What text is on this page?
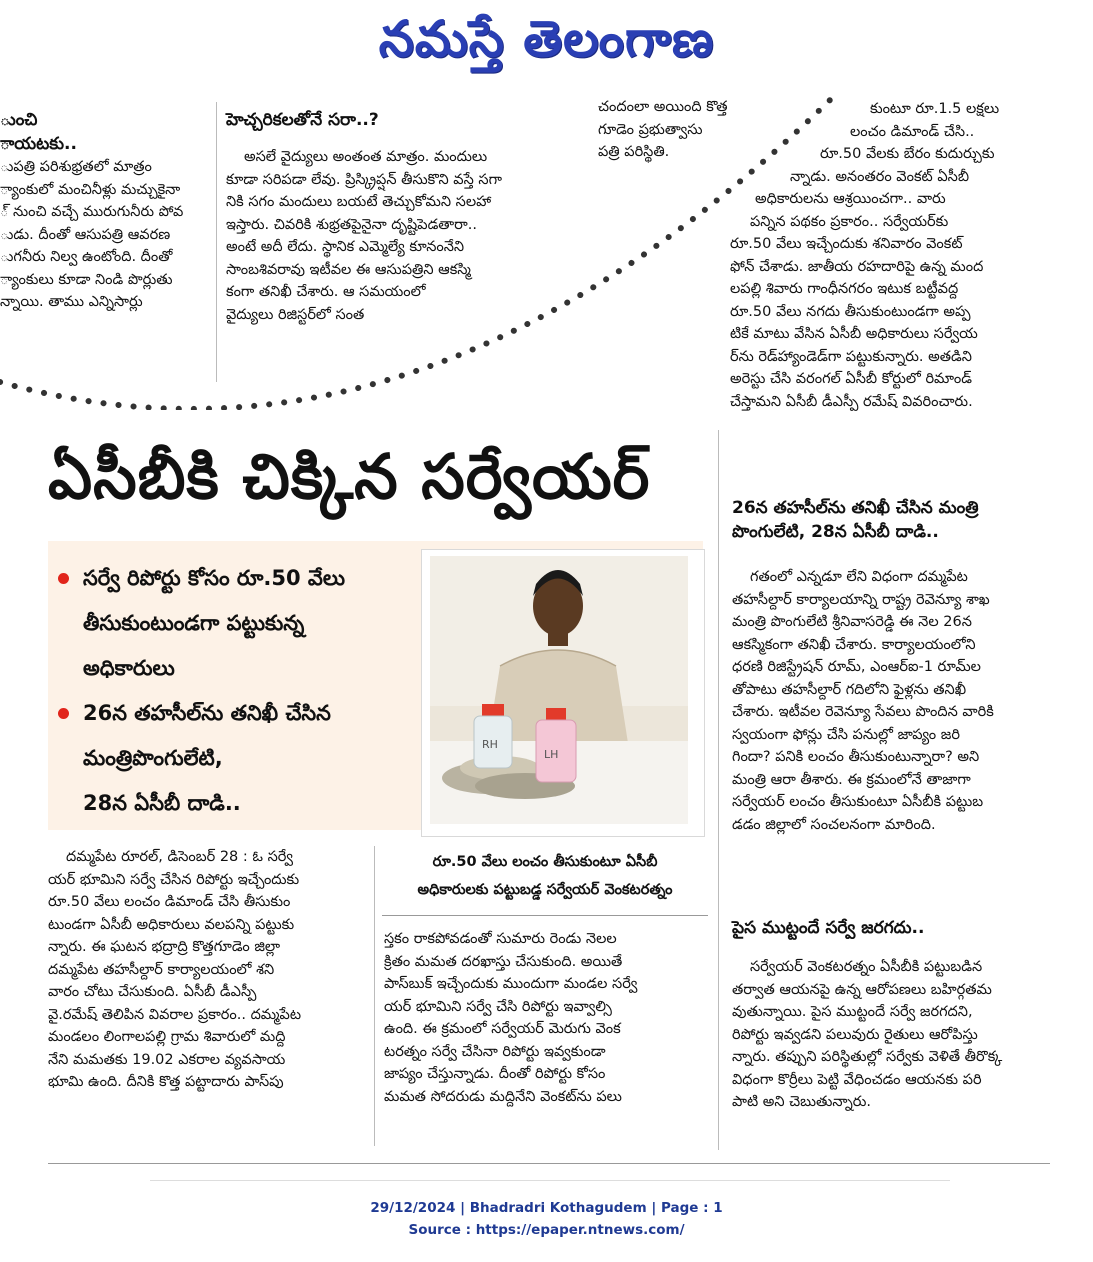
నమస్తే తెలంగాణ
ుంచి
ాయటకు..
ుపత్రి పరిశుభ్రతలో మాత్రం
్యాంకులో మంచినీళ్లు మచ్చుకైనా
్ నుంచి వచ్చే మురుగునీరు పోవ
ుడు. దీంతో ఆసుపత్రి ఆవరణ
ుగనీరు నిల్వ ఉంటోంది. దీంతో
్యాంకులు కూడా నిండి పొర్లుతు
న్నాయి. తాము ఎన్నిసార్లు
హెచ్చరికలతోనే సరా..?
అసలే వైద్యులు అంతంత మాత్రం. మందులు
కూడా సరిపడా లేవు. ప్రిస్క్రిప్షన్ తీసుకొని వస్తే సగా
నికి సగం మందులు బయటే తెచ్చుకోమని సలహా
ఇస్తారు. చివరికి శుభ్రతపైనైనా దృష్టిపెడతారా..
అంటే అదీ లేదు. స్థానిక ఎమ్మెల్యే కూనంనేని
సాంబశివరావు ఇటీవల ఈ ఆసుపత్రిని ఆకస్మి
కంగా తనిఖీ చేశారు. ఆ సమయంలో
వైద్యులు రిజిస్టర్‌లో సంత
చందంలా అయింది కొత్త
గూడెం ప్రభుత్వాసు
పత్రి పరిస్థితి.
కుంటూ రూ.1.5 లక్షలు
లంచం డిమాండ్ చేసి..
రూ.50 వేలకు బేరం కుదుర్చుకు
న్నాడు. అనంతరం వెంకట్ ఏసీబీ
అధికారులను ఆశ్రయించగా.. వారు
పన్నిన పథకం ప్రకారం.. సర్వేయర్‌కు
రూ.50 వేలు ఇచ్చేందుకు శనివారం వెంకట్
ఫోన్ చేశాడు. జాతీయ రహదారిపై ఉన్న మంద
లపల్లి శివారు గాంధీనగరం ఇటుక బట్టీవద్ద
రూ.50 వేలు నగదు తీసుకుంటుండగా అప్ప
టికే మాటు వేసిన ఏసీబీ అధికారులు సర్వేయ
ర్‌ను రెడ్‌హ్యాండెడ్‌గా పట్టుకున్నారు. అతడిని
అరెస్టు చేసి వరంగల్ ఏసీబీ కోర్టులో రిమాండ్
చేస్తామని ఏసీబీ డీఎస్పీ రమేష్ వివరించారు.
26న తహసీల్‌ను తనిఖీ చేసిన మంత్రి
పొంగులేటి, 28న ఏసీబీ దాడి..
గతంలో ఎన్నడూ లేని విధంగా దమ్మపేట
తహసీల్దార్ కార్యాలయాన్ని రాష్ట్ర రెవెన్యూ శాఖ
మంత్రి పొంగులేటి శ్రీనివాసరెడ్డి ఈ నెల 26న
ఆకస్మికంగా తనిఖీ చేశారు. కార్యాలయంలోని
ధరణి రిజిస్ట్రేషన్ రూమ్, ఎంఆర్ఐ-1 రూమ్‌ల
తోపాటు తహసీల్దార్ గదిలోని ఫైళ్లను తనిఖీ
చేశారు. ఇటీవల రెవెన్యూ సేవలు పొందిన వారికి
స్వయంగా ఫోన్లు చేసి పనుల్లో జాప్యం జరి
గిందా? పనికి లంచం తీసుకుంటున్నారా? అని
మంత్రి ఆరా తీశారు. ఈ క్రమంలోనే తాజాగా
సర్వేయర్ లంచం తీసుకుంటూ ఏసీబీకి పట్టుబ
డడం జిల్లాలో సంచలనంగా మారింది.
పైస ముట్టందే సర్వే జరగదు..
సర్వేయర్ వెంకటరత్నం ఏసీబీకి పట్టుబడిన
తర్వాత ఆయనపై ఉన్న ఆరోపణలు బహిర్గతమ
వుతున్నాయి. పైస ముట్టందే సర్వే జరగదని,
రిపోర్టు ఇవ్వడని పలువురు రైతులు ఆరోపిస్తు
న్నారు. తప్పుని పరిస్థితుల్లో సర్వేకు వెళితే తీరొక్క
విధంగా కొర్రీలు పెట్టి వేధించడం ఆయనకు పరి
పాటి అని చెబుతున్నారు.
ఏసీబీకి చిక్కిన సర్వేయర్
సర్వే రిపోర్టు కోసం రూ.50 వేలు
తీసుకుంటుండగా పట్టుకున్న
అధికారులు
26న తహసీల్‌ను తనిఖీ చేసిన
మంత్రిపొంగులేటి,
28న ఏసీబీ దాడి..
RH
LH
రూ.50 వేలు లంచం తీసుకుంటూ ఏసీబీ
అధికారులకు పట్టుబడ్డ సర్వేయర్ వెంకటరత్నం
దమ్మపేట రూరల్, డిసెంబర్ 28 : ఓ సర్వే
యర్ భూమిని సర్వే చేసిన రిపోర్టు ఇచ్చేందుకు
రూ.50 వేలు లంచం డిమాండ్ చేసి తీసుకుం
టుండగా ఏసీబీ అధికారులు వలపన్ని పట్టుకు
న్నారు. ఈ ఘటన భద్రాద్రి కొత్తగూడెం జిల్లా
దమ్మపేట తహసీల్దార్ కార్యాలయంలో శని
వారం చోటు చేసుకుంది. ఏసీబీ డీఎస్పీ
వై.రమేష్ తెలిపిన వివరాల ప్రకారం.. దమ్మపేట
మండలం లింగాలపల్లి గ్రామ శివారులో మద్ది
నేని మమతకు 19.02 ఎకరాల వ్యవసాయ
భూమి ఉంది. దీనికి కొత్త పట్టాదారు పాస్‌పు
స్తకం రాకపోవడంతో సుమారు రెండు నెలల
క్రితం మమత దరఖాస్తు చేసుకుంది. అయితే
పాస్‌బుక్ ఇచ్చేందుకు ముందుగా మండల సర్వే
యర్ భూమిని సర్వే చేసి రిపోర్టు ఇవ్వాల్సి
ఉంది. ఈ క్రమంలో సర్వేయర్ మెరుగు వెంక
టరత్నం సర్వే చేసినా రిపోర్టు ఇవ్వకుండా
జాప్యం చేస్తున్నాడు. దీంతో రిపోర్టు కోసం
మమత సోదరుడు మద్దినేని వెంకట్‌ను పలు
29/12/2024 | Bhadradri Kothagudem | Page : 1
Source : https://epaper.ntnews.com/
